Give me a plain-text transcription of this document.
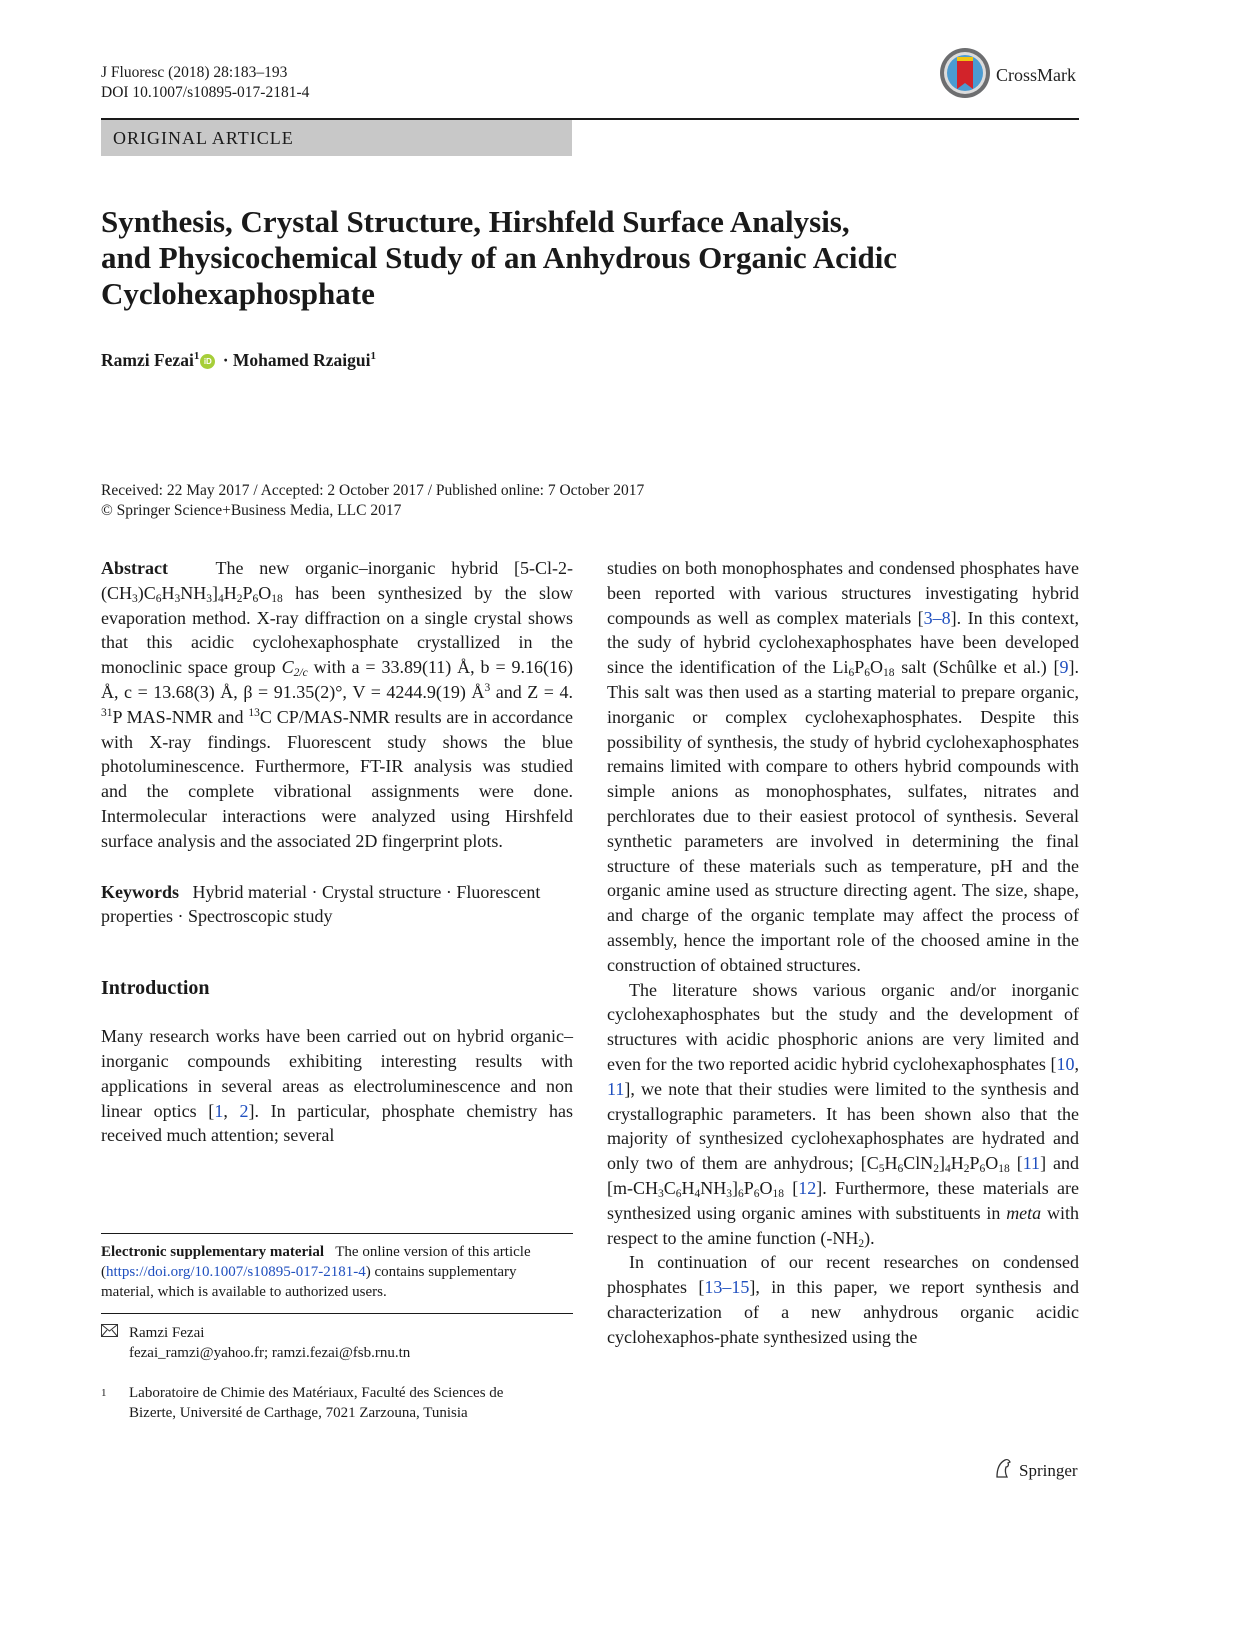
J Fluoresc (2018) 28:183–193
DOI 10.1007/s10895-017-2181-4
CrossMark
ORIGINAL ARTICLE
Synthesis, Crystal Structure, Hirshfeld Surface Analysis,
and Physicochemical Study of an Anhydrous Organic Acidic
Cyclohexaphosphate
Ramzi Fezai$^1$ iD · Mohamed Rzaigui$^1$
Received: 22 May 2017 / Accepted: 2 October 2017 / Published online: 7 October 2017
© Springer Science+Business Media, LLC 2017

Abstract	The new organic–inorganic hybrid $[5-Cl-2-(CH_3)C_6H_3NH_3]_4H_2P_6O_{18}$ has been synthesized by the slow evaporation method. X-ray diffraction on a single crystal shows that this acidic cyclohexaphosphate crystallized in the monoclinic space group $C_{2/c}$ with a = 33.89(11) Å, b = 9.16(16) Å, c = 13.68(3) Å, β = 91.35(2)°, V = 4244.9(19) $Å^3$ and Z = 4. $^{31}$P MAS-NMR and $^{13}$C CP/MAS-NMR results are in accordance with X-ray findings. Fluorescent study shows the blue photoluminescence. Furthermore, FT-IR analysis was studied and the complete vibrational assignments were done. Intermolecular interactions were analyzed using Hirshfeld surface analysis and the associated 2D fingerprint plots.

Keywords Hybrid material · Crystal structure · Fluorescent properties · Spectroscopic study

Introduction

Many research works have been carried out on hybrid organic–inorganic compounds exhibiting interesting results with applications in several areas as electroluminescence and non linear optics [1, 2]. In particular, phosphate chemistry has received much attention; several

Electronic supplementary material The online version of this article (https://doi.org/10.1007/s10895-017-2181-4) contains supplementary material, which is available to authorized users.
Ramzi Fezai
fezai_ramzi@yahoo.fr; ramzi.fezai@fsb.rnu.tn
1 Laboratoire de Chimie des Matériaux, Faculté des Sciences de Bizerte, Université de Carthage, 7021 Zarzouna, Tunisia

studies on both monophosphates and condensed phosphates have been reported with various structures investigating hybrid compounds as well as complex materials [3–8]. In this context, the sudy of hybrid cyclohexaphosphates have been developed since the identification of the $Li_6P_6O_{18}$ salt (Schûlke et al.) [9]. This salt was then used as a starting material to prepare organic, inorganic or complex cyclohexaphosphates. Despite this possibility of synthesis, the study of hybrid cyclohexaphosphates remains limited with compare to others hybrid compounds with simple anions as monophosphates, sulfates, nitrates and perchlorates due to their easiest protocol of synthesis. Several synthetic parameters are involved in determining the final structure of these materials such as temperature, pH and the organic amine used as structure directing agent. The size, shape, and charge of the organic template may affect the process of assembly, hence the important role of the choosed amine in the construction of obtained structures.

The literature shows various organic and/or inorganic cyclohexaphosphates but the study and the development of structures with acidic phosphoric anions are very limited and even for the two reported acidic hybrid cyclohexaphosphates [10, 11], we note that their studies were limited to the synthesis and crystallographic parameters. It has been shown also that the majority of synthesized cyclohexaphosphates are hydrated and only two of them are anhydrous; $[C_5H_6ClN_2]_4H_2P_6O_{18}$ [11] and $[m-CH_3C_6H_4NH_3]_6P_6O_{18}$ [12]. Furthermore, these materials are synthesized using organic amines with substituents in meta with respect to the amine function $(-NH_2)$.

In continuation of our recent researches on condensed phosphates [13–15], in this paper, we report synthesis and characterization of a new anhydrous organic acidic cyclohexaphos-phate synthesized using the

Springer
